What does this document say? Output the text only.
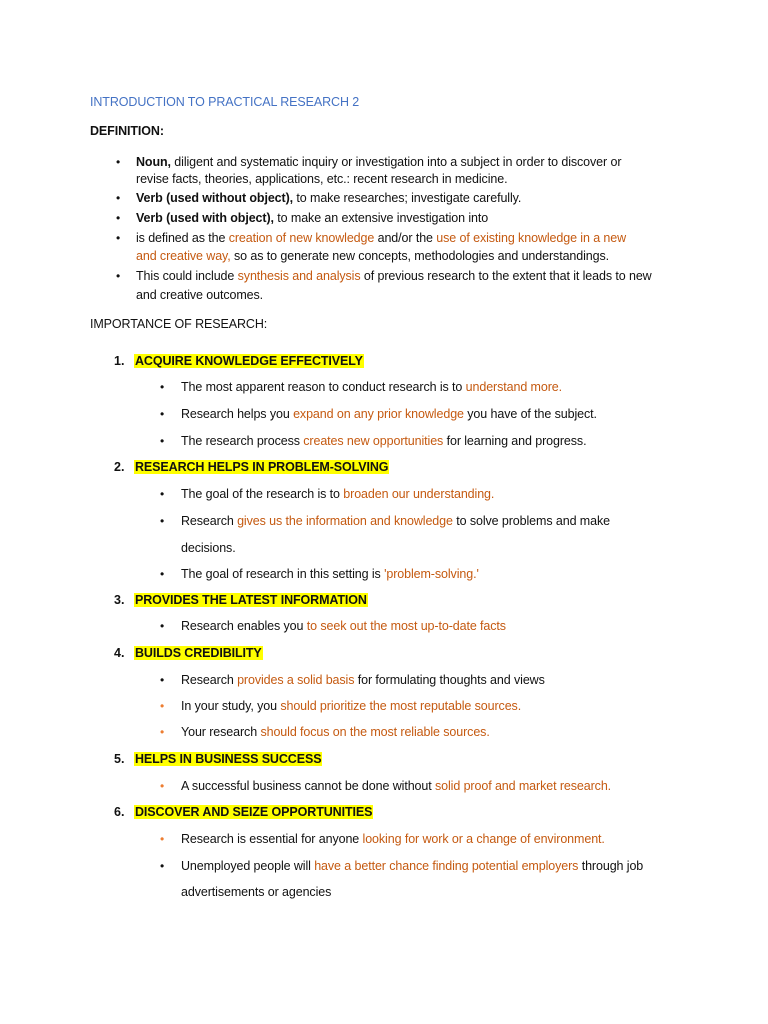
INTRODUCTION TO PRACTICAL RESEARCH 2
DEFINITION:
• Noun, diligent and systematic inquiry or investigation into a subject in order to discover or
revise facts, theories, applications, etc.: recent research in medicine.
• Verb (used without object), to make researches; investigate carefully.
• Verb (used with object), to make an extensive investigation into
• is defined as the creation of new knowledge and/or the use of existing knowledge in a new
and creative way, so as to generate new concepts, methodologies and understandings.
• This could include synthesis and analysis of previous research to the extent that it leads to new
and creative outcomes.
IMPORTANCE OF RESEARCH:
1. ACQUIRE KNOWLEDGE EFFECTIVELY
• The most apparent reason to conduct research is to understand more.
• Research helps you expand on any prior knowledge you have of the subject.
• The research process creates new opportunities for learning and progress.
2. RESEARCH HELPS IN PROBLEM-SOLVING
• The goal of the research is to broaden our understanding.
• Research gives us the information and knowledge to solve problems and make
decisions.
• The goal of research in this setting is 'problem-solving.'
3. PROVIDES THE LATEST INFORMATION
• Research enables you to seek out the most up-to-date facts
4. BUILDS CREDIBILITY
• Research provides a solid basis for formulating thoughts and views
• In your study, you should prioritize the most reputable sources.
• Your research should focus on the most reliable sources.
5. HELPS IN BUSINESS SUCCESS
• A successful business cannot be done without solid proof and market research.
6. DISCOVER AND SEIZE OPPORTUNITIES
• Research is essential for anyone looking for work or a change of environment.
• Unemployed people will have a better chance finding potential employers through job
advertisements or agencies
